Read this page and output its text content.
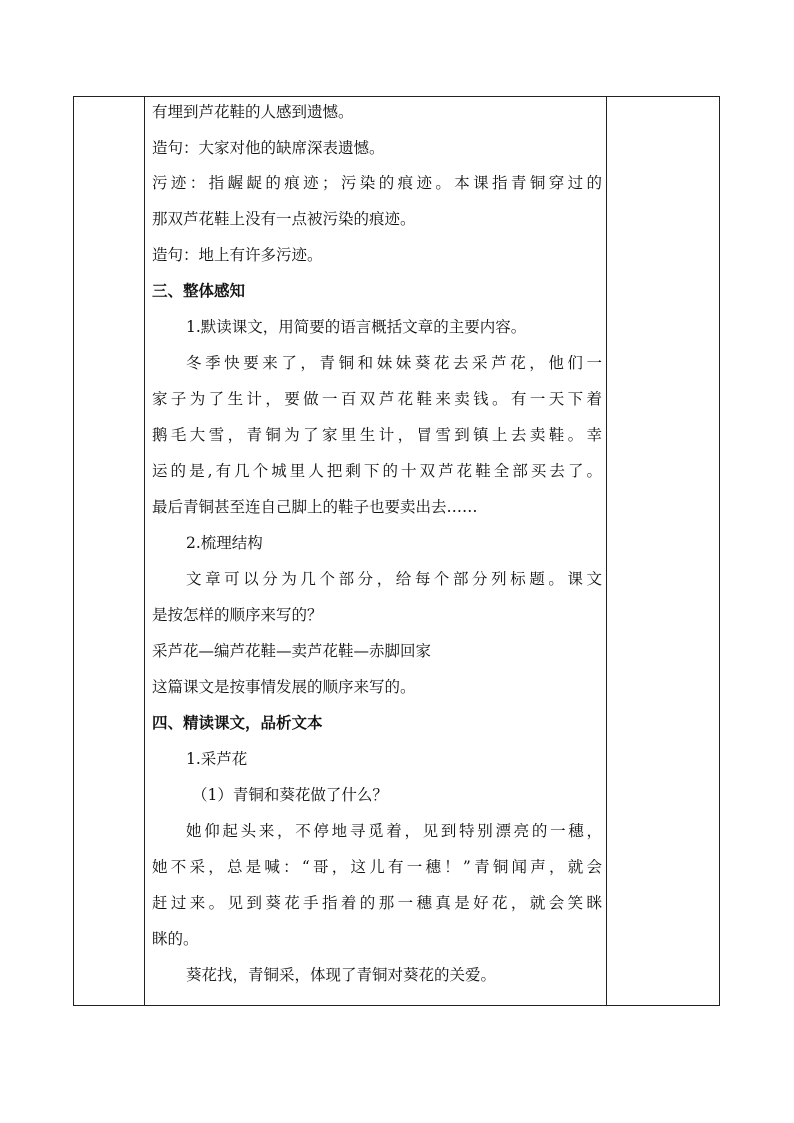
有埋到芦花鞋的人感到遗憾。
造句：大家对他的缺席深表遗憾。
污迹：指龌龊的痕迹；污染的痕迹。本课指青铜穿过的
那双芦花鞋上没有一点被污染的痕迹。
造句：地上有许多污迹。
三、整体感知
1.默读课文，用简要的语言概括文章的主要内容。
冬季快要来了，青铜和妹妹葵花去采芦花，他们一
家子为了生计，要做一百双芦花鞋来卖钱。有一天下着
鹅毛大雪，青铜为了家里生计，冒雪到镇上去卖鞋。幸
运的是,有几个城里人把剩下的十双芦花鞋全部买去了。
最后青铜甚至连自己脚上的鞋子也要卖出去……
2.梳理结构
文章可以分为几个部分，给每个部分列标题。课文
是按怎样的顺序来写的？
采芦花—编芦花鞋—卖芦花鞋—赤脚回家
这篇课文是按事情发展的顺序来写的。
四、精读课文，品析文本
1.采芦花
（1）青铜和葵花做了什么？
她仰起头来，不停地寻觅着，见到特别漂亮的一穗，
她不采，总是喊：“哥，这儿有一穗！”青铜闻声，就会
赶过来。见到葵花手指着的那一穗真是好花，就会笑眯
眯的。
葵花找，青铜采，体现了青铜对葵花的关爱。
